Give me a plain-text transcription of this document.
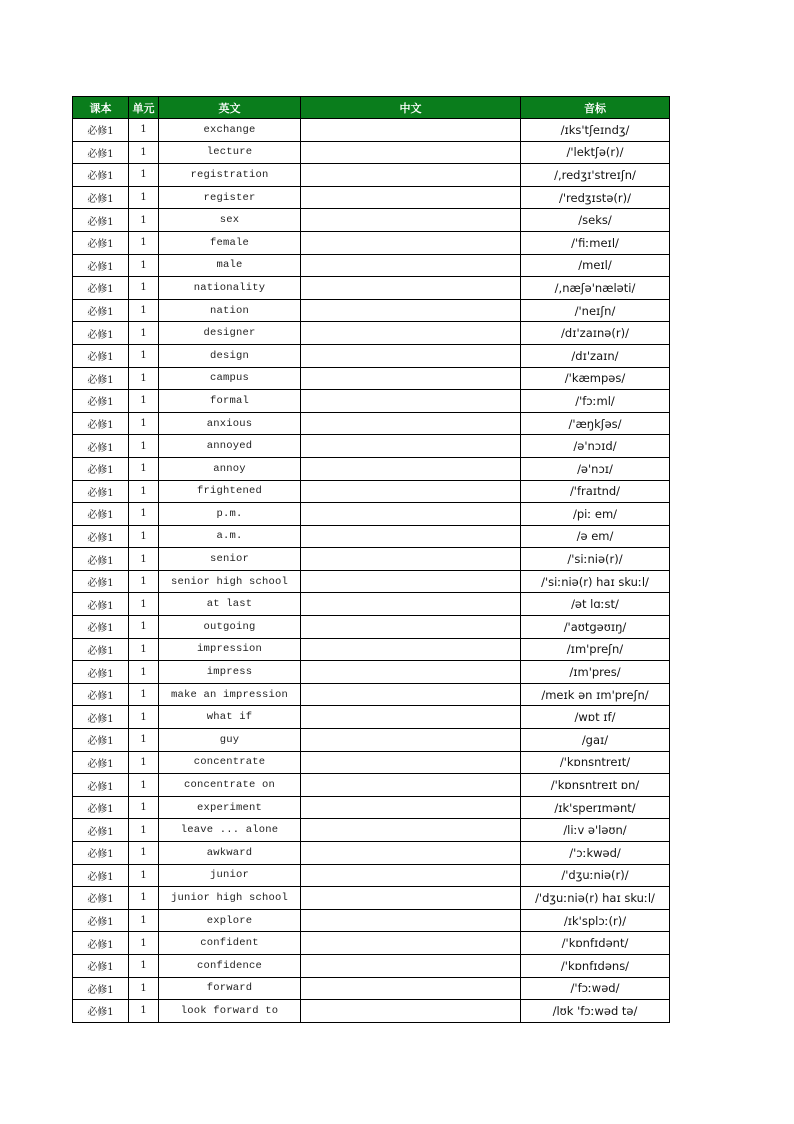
课本	单元	英文	中文	音标
必修1	1	exchange		/ɪks'tʃeɪndʒ/
必修1	1	lecture		/'lektʃə(r)/
必修1	1	registration		/,redʒɪ'streɪʃn/
必修1	1	register		/'redʒɪstə(r)/
必修1	1	sex		/seks/
必修1	1	female		/'fiːmeɪl/
必修1	1	male		/meɪl/
必修1	1	nationality		/,næʃə'næləti/
必修1	1	nation		/'neɪʃn/
必修1	1	designer		/dɪ'zaɪnə(r)/
必修1	1	design		/dɪ'zaɪn/
必修1	1	campus		/'kæmpəs/
必修1	1	formal		/'fɔːml/
必修1	1	anxious		/'æŋkʃəs/
必修1	1	annoyed		/ə'nɔɪd/
必修1	1	annoy		/ə'nɔɪ/
必修1	1	frightened		/'fraɪtnd/
必修1	1	p.m.		/piː em/
必修1	1	a.m.		/ə em/
必修1	1	senior		/'siːniə(r)/
必修1	1	senior high school		/'siːniə(r) haɪ skuːl/
必修1	1	at last		/ət lɑːst/
必修1	1	outgoing		/'aʊtgəʊɪŋ/
必修1	1	impression		/ɪm'preʃn/
必修1	1	impress		/ɪm'pres/
必修1	1	make an impression		/meɪk ən ɪm'preʃn/
必修1	1	what if		/wɒt ɪf/
必修1	1	guy		/gaɪ/
必修1	1	concentrate		/'kɒnsntreɪt/
必修1	1	concentrate on		/'kɒnsntreɪt ɒn/
必修1	1	experiment		/ɪk'sperɪmənt/
必修1	1	leave ... alone		/liːv ə'ləʊn/
必修1	1	awkward		/'ɔːkwəd/
必修1	1	junior		/'dʒuːniə(r)/
必修1	1	junior high school		/'dʒuːniə(r) haɪ skuːl/
必修1	1	explore		/ɪk'splɔː(r)/
必修1	1	confident		/'kɒnfɪdənt/
必修1	1	confidence		/'kɒnfɪdəns/
必修1	1	forward		/'fɔːwəd/
必修1	1	look forward to		/lʊk 'fɔːwəd tə/
